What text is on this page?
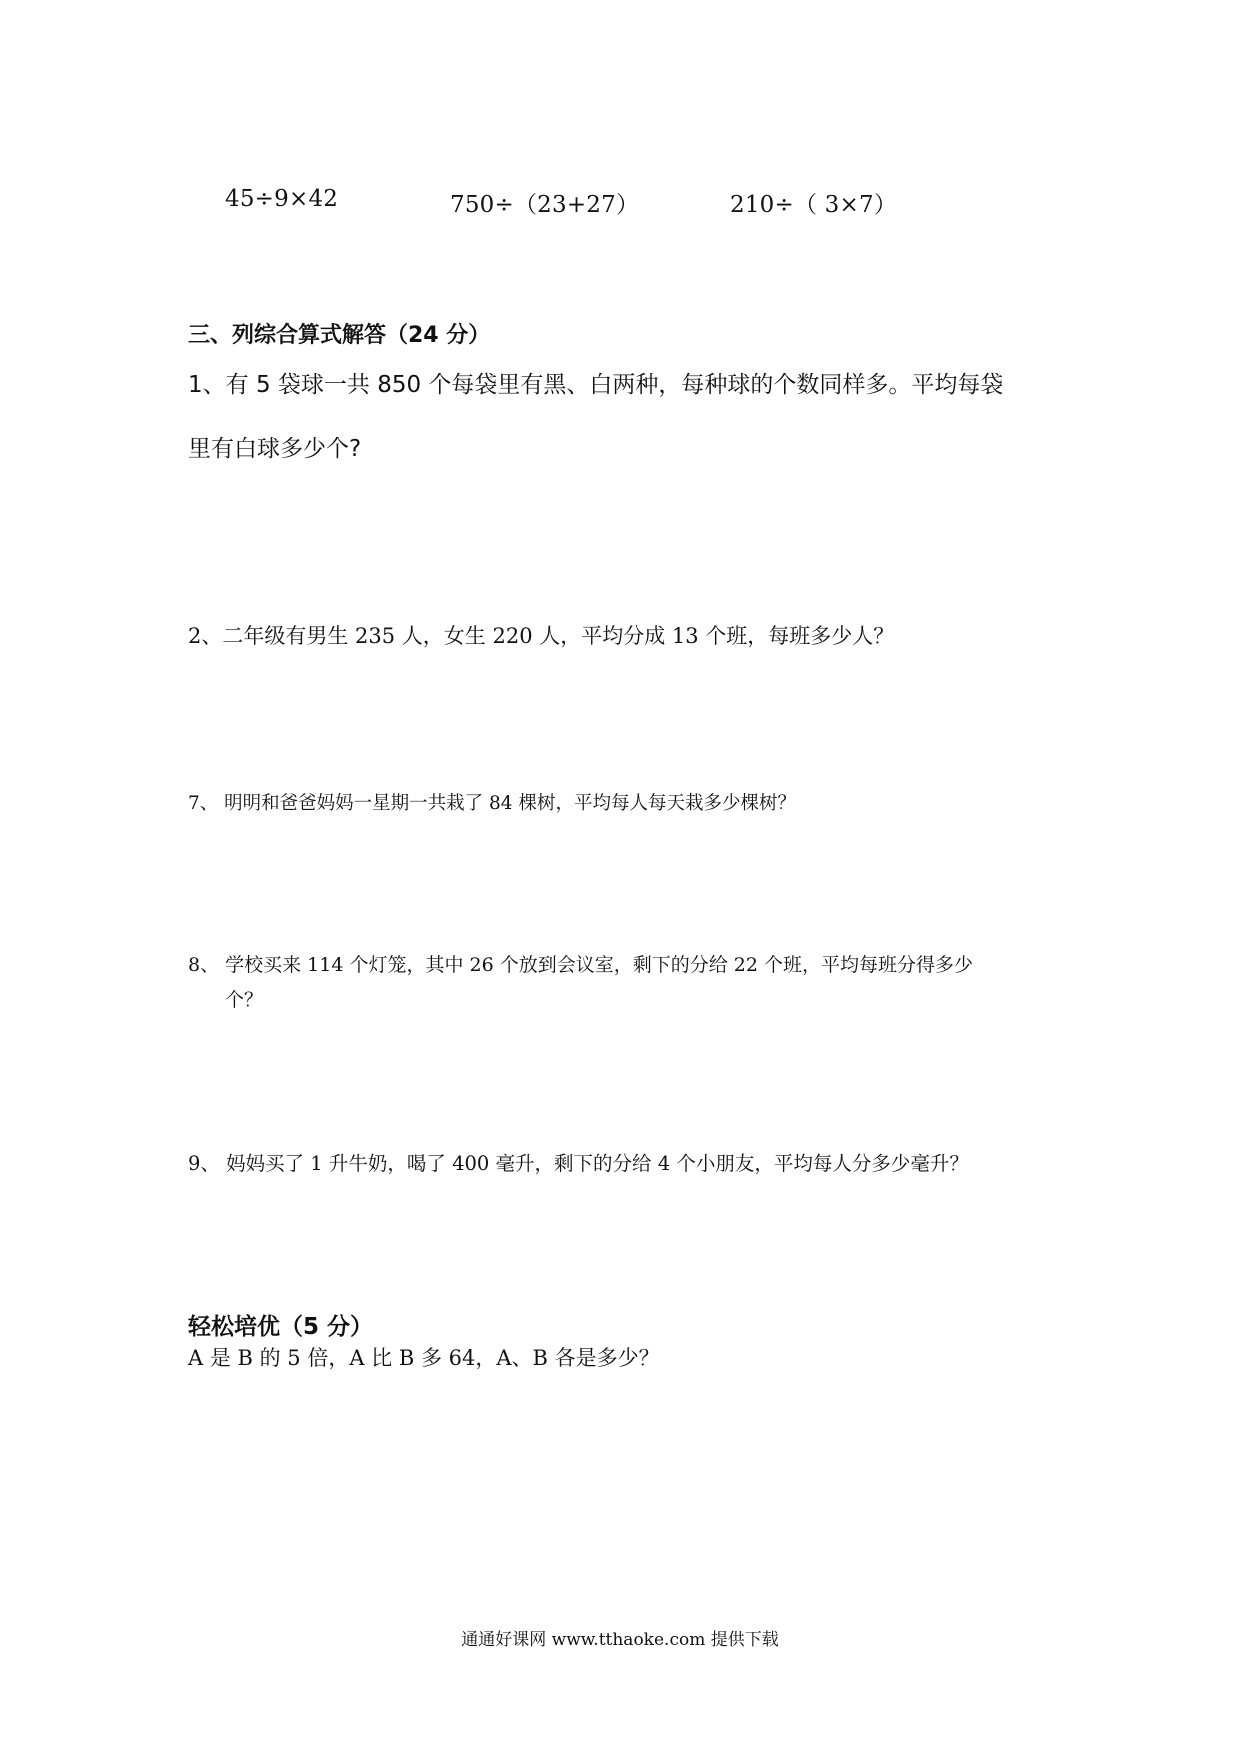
45÷9×42	750÷（23+27）	210÷（ 3×7）
三、列综合算式解答（24 分）
1、有 5 袋球一共 850 个每袋里有黑、白两种，每种球的个数同样多。平均每袋
里有白球多少个?
2、二年级有男生 235 人，女生 220 人，平均分成 13 个班，每班多少人？
7、 明明和爸爸妈妈一星期一共栽了 84 棵树，平均每人每天栽多少棵树？
8、 学校买来 114 个灯笼，其中 26 个放到会议室，剩下的分给 22 个班，平均每班分得多少
个？
9、 妈妈买了 1 升牛奶，喝了 400 毫升，剩下的分给 4 个小朋友，平均每人分多少毫升？
轻松培优（5 分）
A 是 B 的 5 倍，A 比 B 多 64，A、B 各是多少？
通通好课网 www.tthaoke.com 提供下载
